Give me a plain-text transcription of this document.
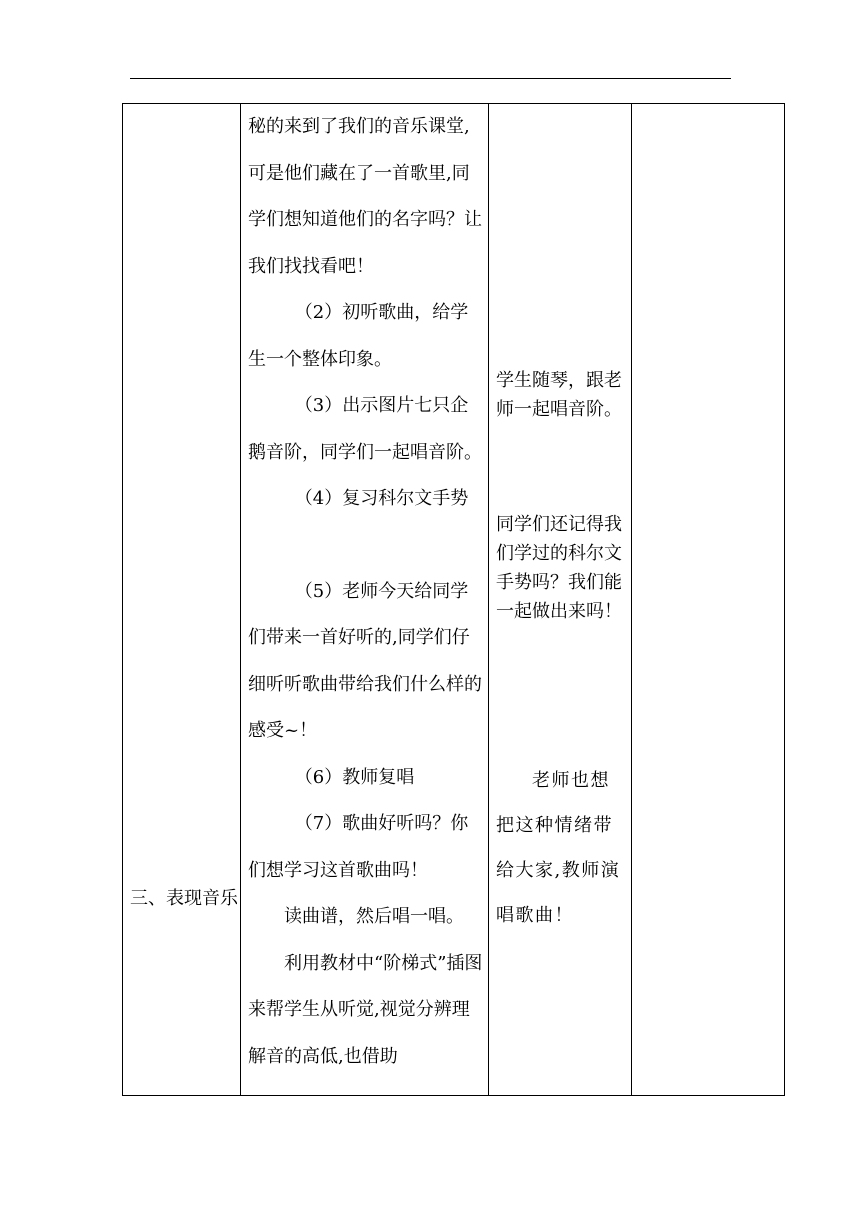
三、表现音乐

秘的来到了我们的音乐课堂,可是他们藏在了一首歌里,同学们想知道他们的名字吗？让我们找找看吧！

（2）初听歌曲，给学生一个整体印象。

（3）出示图片七只企鹅音阶，同学们一起唱音阶。

（4）复习科尔文手势

（5）老师今天给同学们带来一首好听的,同学们仔细听听歌曲带给我们什么样的感受~！

（6）教师复唱

（7）歌曲好听吗？你们想学习这首歌曲吗！

读曲谱，然后唱一唱。

利用教材中“阶梯式”插图来帮学生从听觉,视觉分辨理解音的高低,也借助

学生随琴，跟老师一起唱音阶。

同学们还记得我们学过的科尔文手势吗？我们能一起做出来吗！

老师也想把这种情绪带给大家,教师演唱歌曲！
